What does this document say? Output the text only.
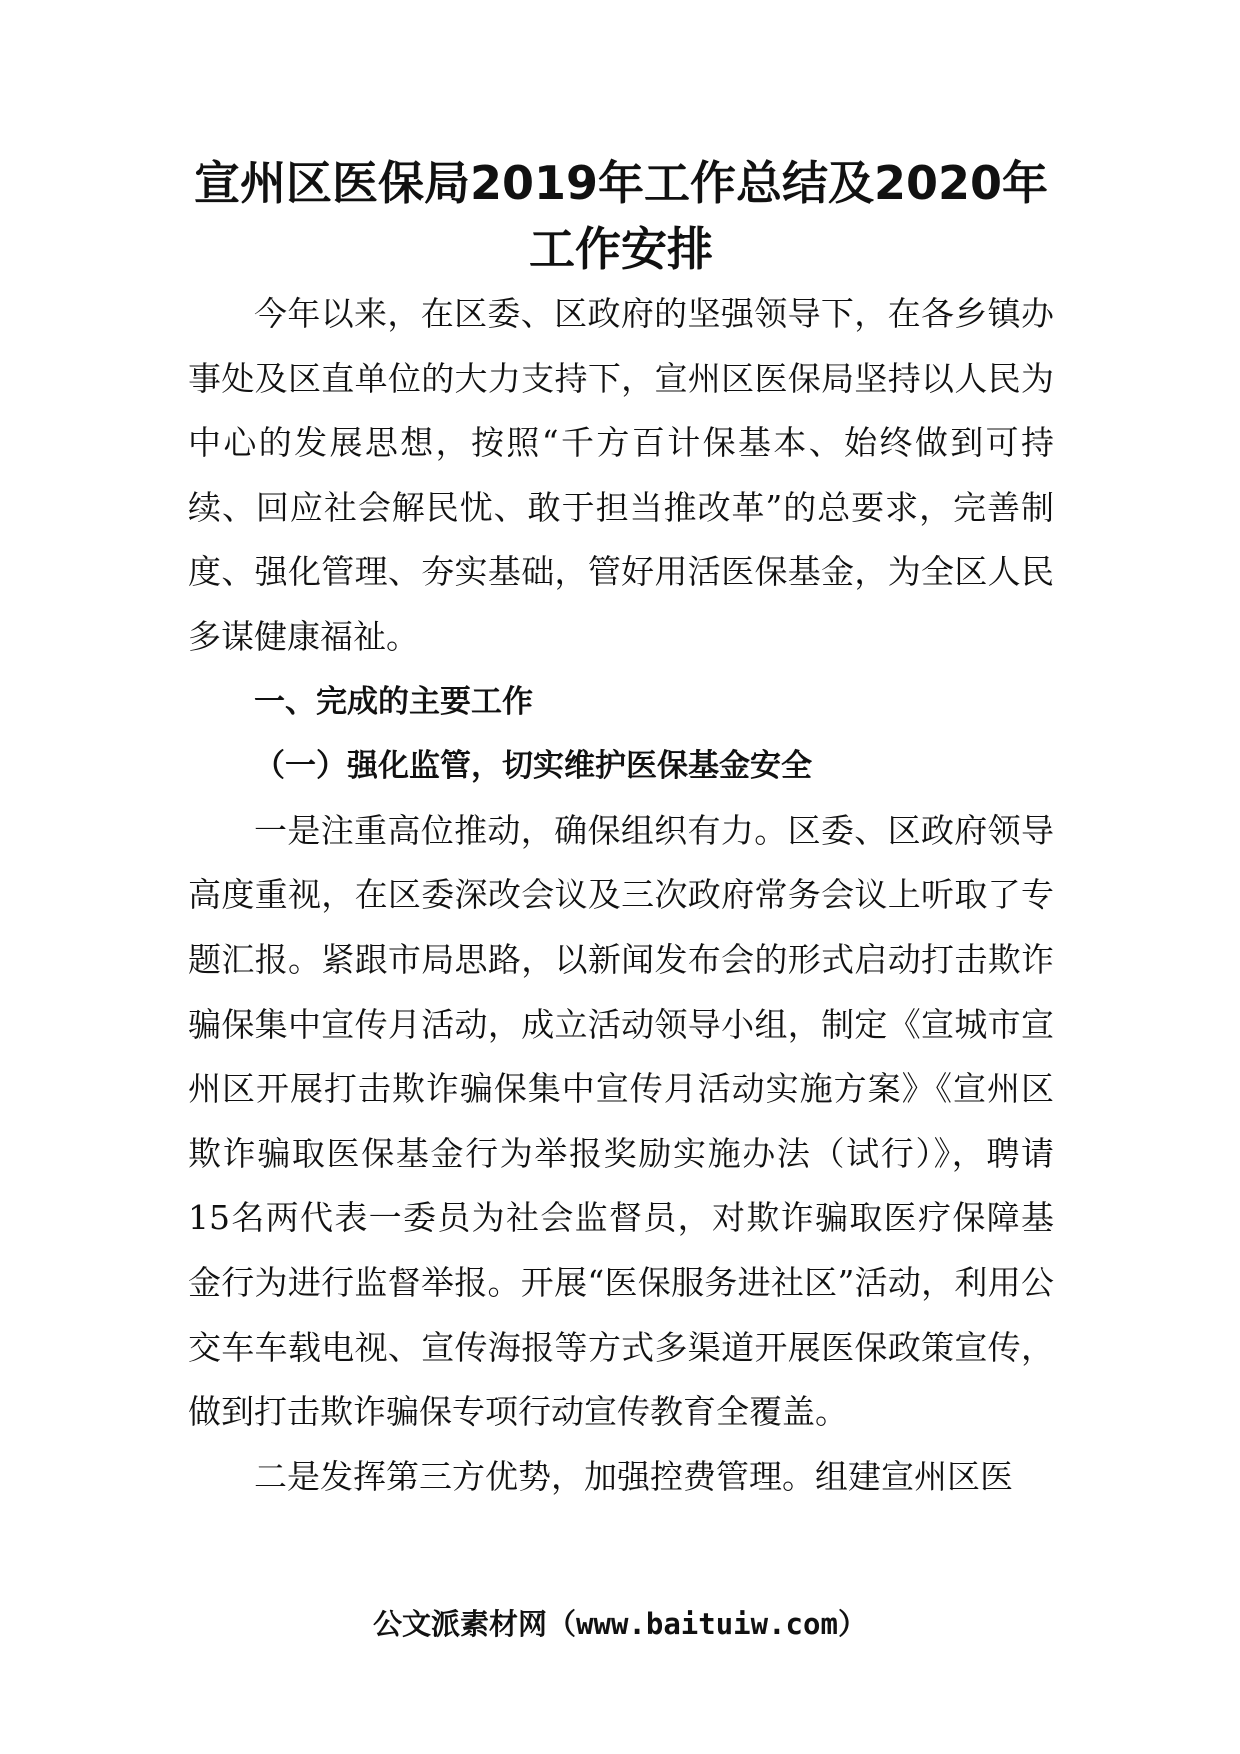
宣州区医保局2019年工作总结及2020年工作安排

今年以来，在区委、区政府的坚强领导下，在各乡镇办事处及区直单位的大力支持下，宣州区医保局坚持以人民为中心的发展思想，按照“千方百计保基本、始终做到可持续、回应社会解民忧、敢于担当推改革”的总要求，完善制度、强化管理、夯实基础，管好用活医保基金，为全区人民多谋健康福祉。

一、完成的主要工作

（一）强化监管，切实维护医保基金安全

一是注重高位推动，确保组织有力。区委、区政府领导高度重视，在区委深改会议及三次政府常务会议上听取了专题汇报。紧跟市局思路，以新闻发布会的形式启动打击欺诈骗保集中宣传月活动，成立活动领导小组，制定《宣城市宣州区开展打击欺诈骗保集中宣传月活动实施方案》《宣州区欺诈骗取医保基金行为举报奖励实施办法（试行）》，聘请15名两代表一委员为社会监督员，对欺诈骗取医疗保障基金行为进行监督举报。开展“医保服务进社区”活动，利用公交车车载电视、宣传海报等方式多渠道开展医保政策宣传，做到打击欺诈骗保专项行动宣传教育全覆盖。

二是发挥第三方优势，加强控费管理。组建宣州区医

公文派素材网（www.baituiw.com）
